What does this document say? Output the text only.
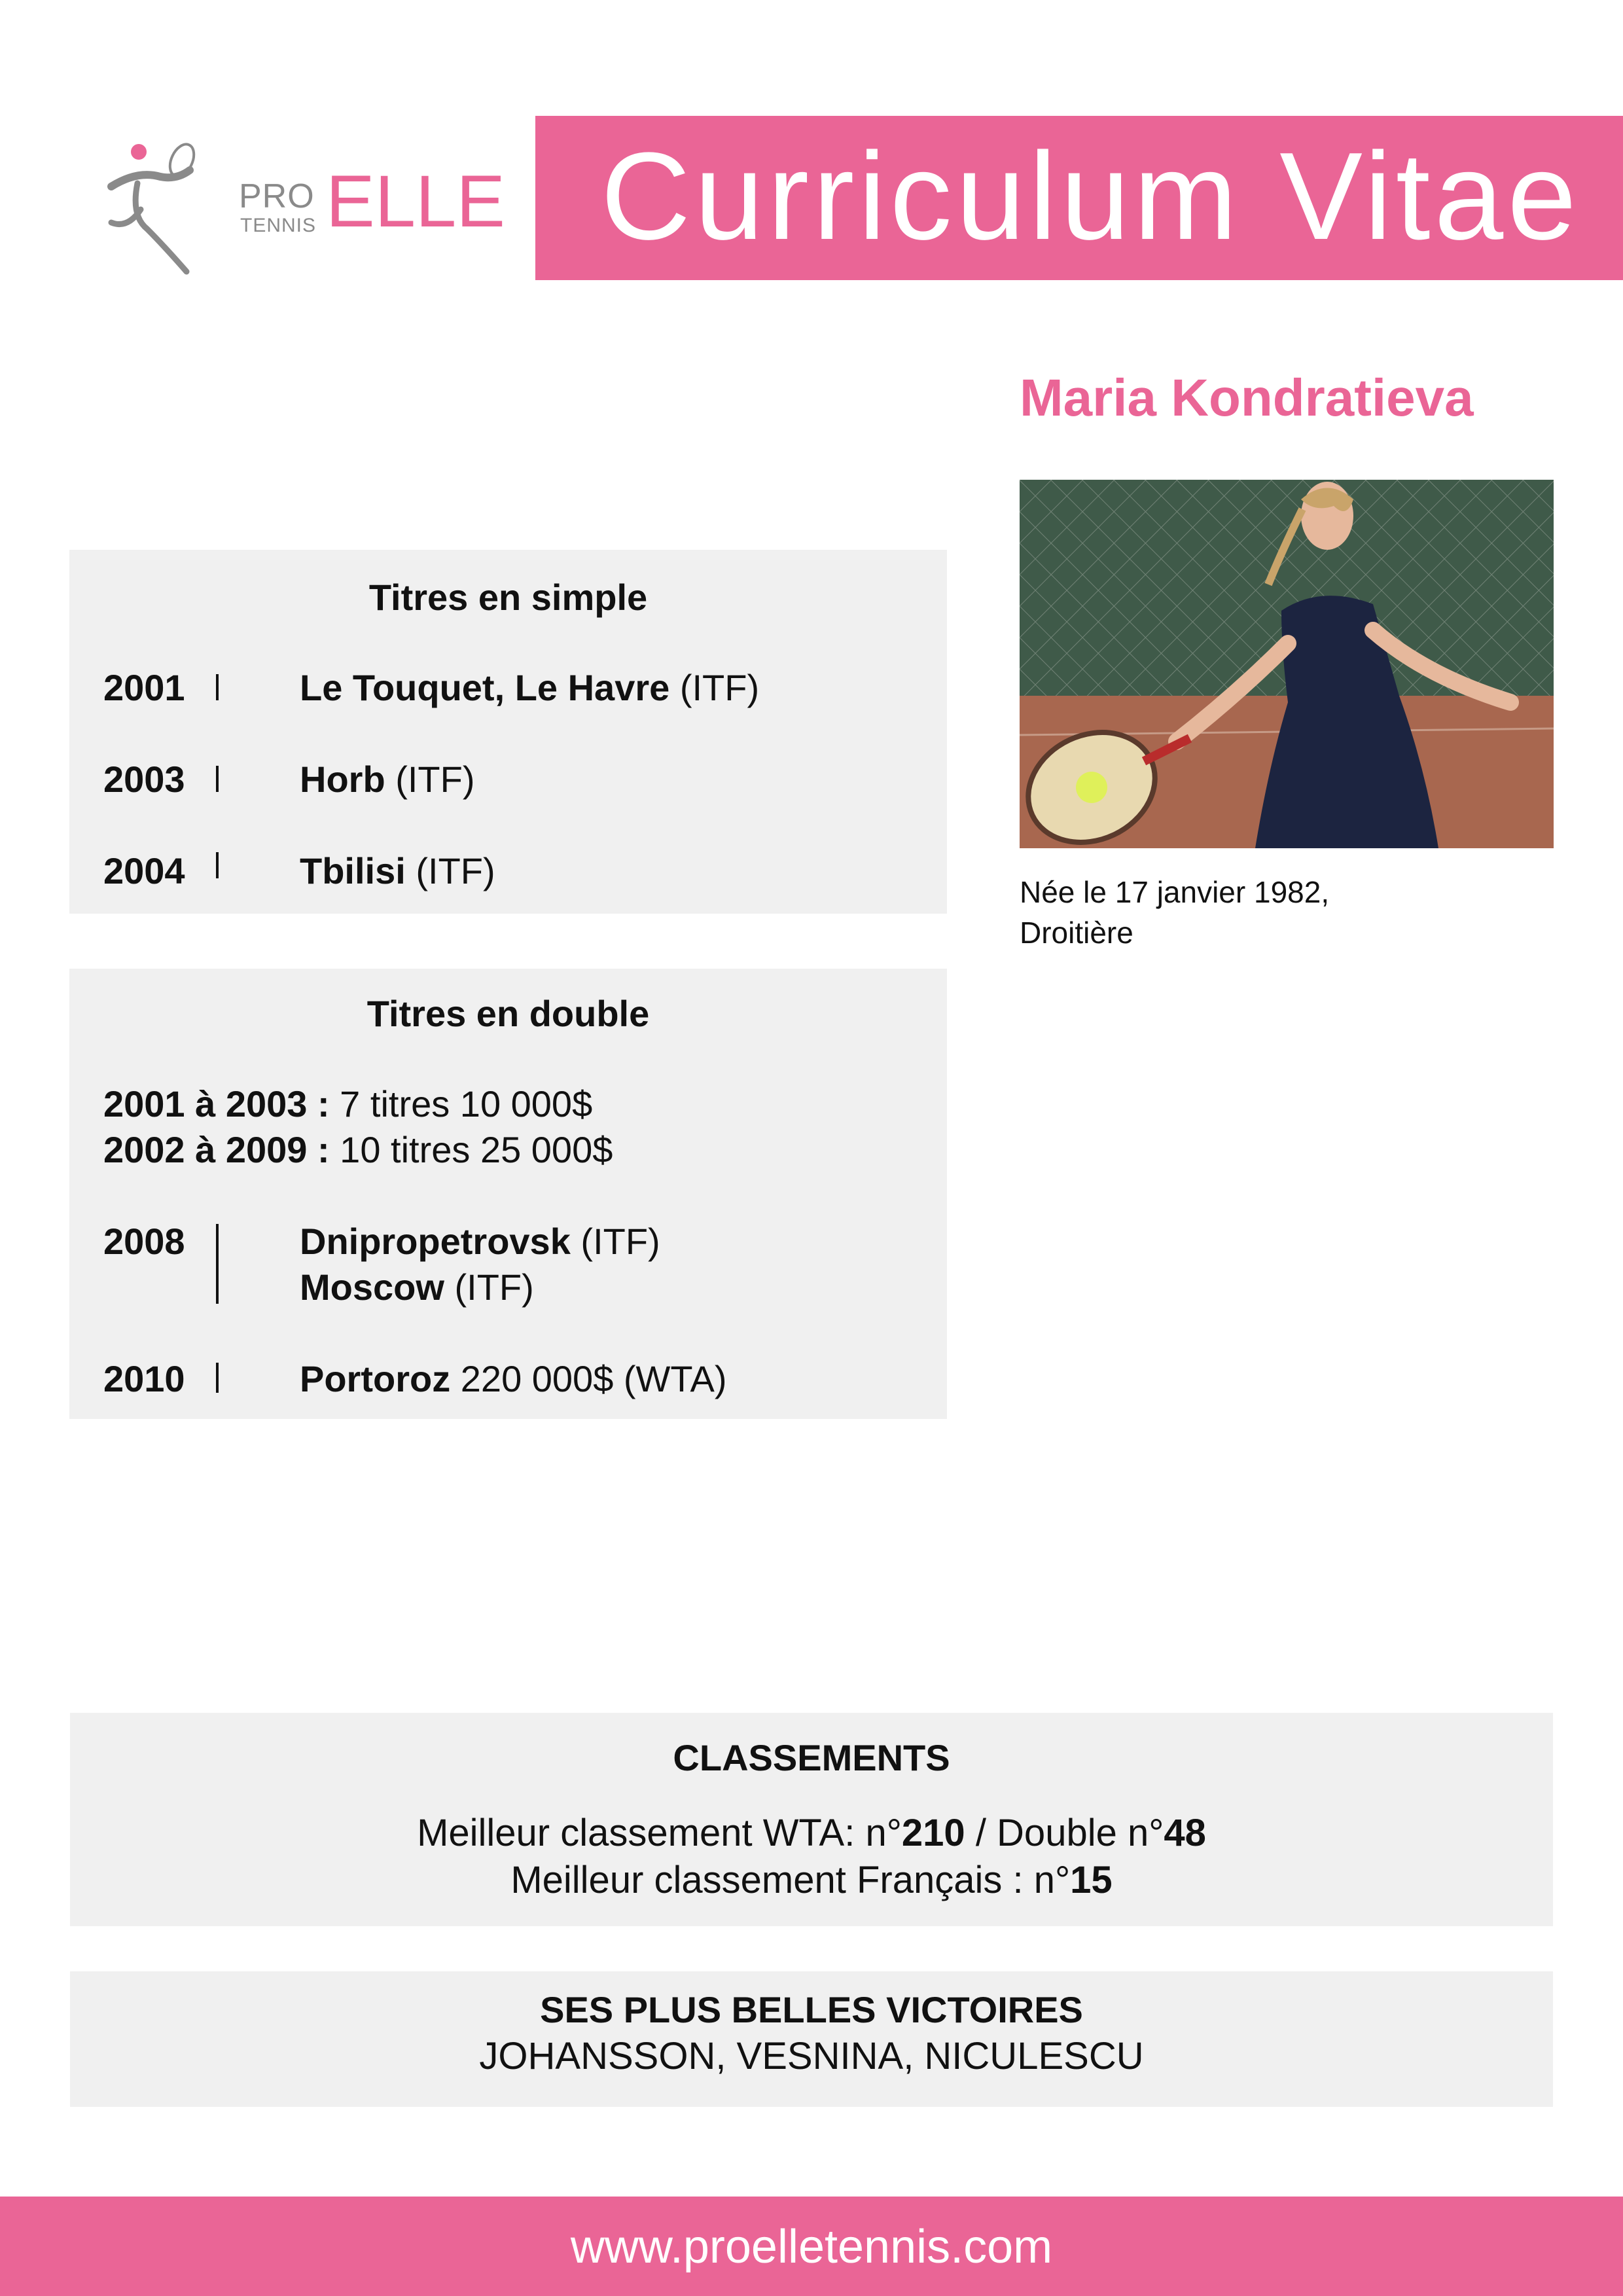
PRO
TENNIS ELLE Curriculum Vitae
Maria Kondratieva
Née le 17 janvier 1982,
Droitière
Titres en simple
2001	Le Touquet, Le Havre (ITF)
2003	Horb (ITF)
2004	Tbilisi (ITF)
Titres en double
2001 à 2003 : 7 titres 10 000$
2002 à 2009 : 10 titres 25 000$
2008	Dnipropetrovsk (ITF)
Moscow (ITF)
2010	Portoroz 220 000$ (WTA)
CLASSEMENTS
Meilleur classement WTA: n°210 / Double n°48
Meilleur classement Français : n°15
SES PLUS BELLES VICTOIRES
JOHANSSON, VESNINA, NICULESCU
www.proelletennis.com
